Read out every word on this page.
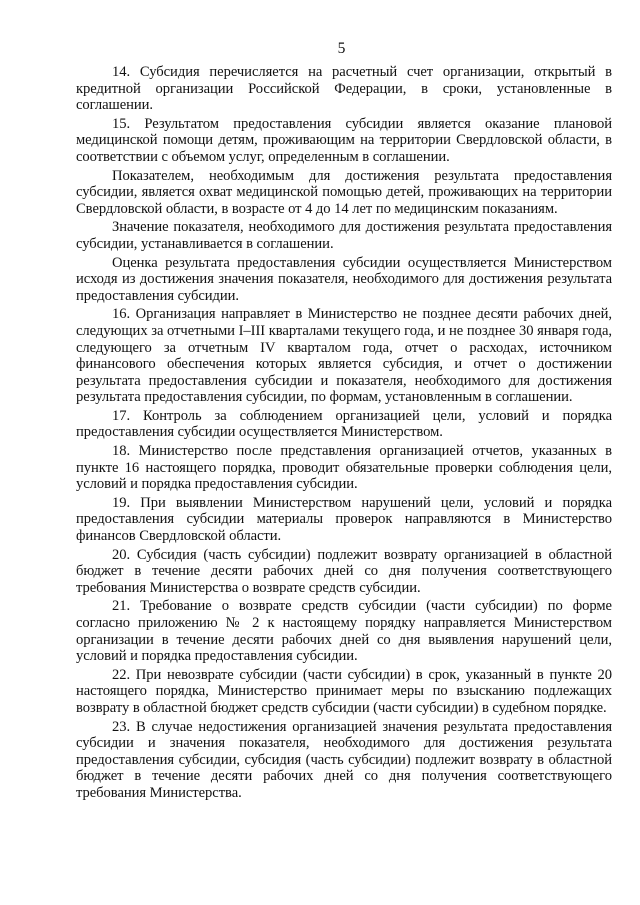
5

14. Субсидия перечисляется на расчетный счет организации, открытый в кредитной организации Российской Федерации, в сроки, установленные в соглашении.

15. Результатом предоставления субсидии является оказание плановой медицинской помощи детям, проживающим на территории Свердловской области, в соответствии с объемом услуг, определенным в соглашении.

Показателем, необходимым для достижения результата предоставления субсидии, является охват медицинской помощью детей, проживающих на территории Свердловской области, в возрасте от 4 до 14 лет по медицинским показаниям.

Значение показателя, необходимого для достижения результата предоставления субсидии, устанавливается в соглашении.

Оценка результата предоставления субсидии осуществляется Министерством исходя из достижения значения показателя, необходимого для достижения результата предоставления субсидии.

16. Организация направляет в Министерство не позднее десяти рабочих дней, следующих за отчетными I–III кварталами текущего года, и не позднее 30 января года, следующего за отчетным IV кварталом года, отчет о расходах, источником финансового обеспечения которых является субсидия, и отчет о достижении результата предоставления субсидии и показателя, необходимого для достижения результата предоставления субсидии, по формам, установленным в соглашении.

17. Контроль за соблюдением организацией цели, условий и порядка предоставления субсидии осуществляется Министерством.

18. Министерство после представления организацией отчетов, указанных в пункте 16 настоящего порядка, проводит обязательные проверки соблюдения цели, условий и порядка предоставления субсидии.

19. При выявлении Министерством нарушений цели, условий и порядка предоставления субсидии материалы проверок направляются в Министерство финансов Свердловской области.

20. Субсидия (часть субсидии) подлежит возврату организацией в областной бюджет в течение десяти рабочих дней со дня получения соответствующего требования Министерства о возврате средств субсидии.

21. Требование о возврате средств субсидии (части субсидии) по форме согласно приложению № 2 к настоящему порядку направляется Министерством организации в течение десяти рабочих дней со дня выявления нарушений цели, условий и порядка предоставления субсидии.

22. При невозврате субсидии (части субсидии) в срок, указанный в пункте 20 настоящего порядка, Министерство принимает меры по взысканию подлежащих возврату в областной бюджет средств субсидии (части субсидии) в судебном порядке.

23. В случае недостижения организацией значения результата предоставления субсидии и значения показателя, необходимого для достижения результата предоставления субсидии, субсидия (часть субсидии) подлежит возврату в областной бюджет в течение десяти рабочих дней со дня получения соответствующего требования Министерства.
